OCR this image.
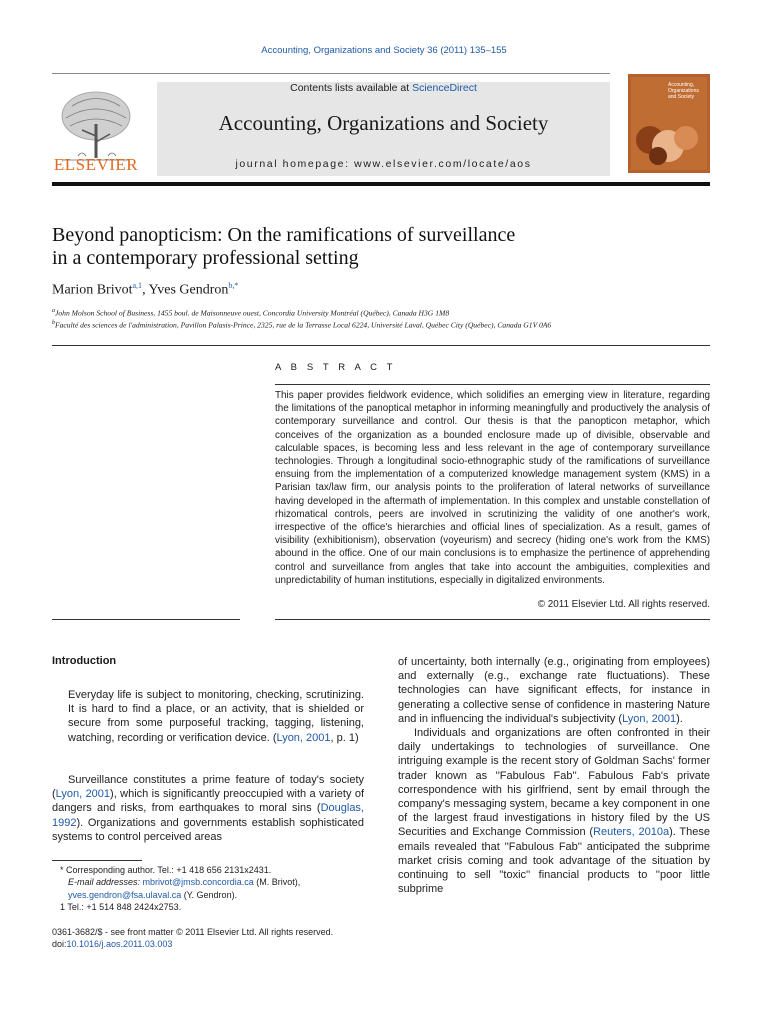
Accounting, Organizations and Society 36 (2011) 135–155
ELSEVIER
Contents lists available at ScienceDirect
Accounting, Organizations and Society
journal homepage: www.elsevier.com/locate/aos
Accounting, Organizations and Society
Beyond panopticism: On the ramifications of surveillance
in a contemporary professional setting
Marion Brivot$^{a,1}$, Yves Gendron$^{b,*}$
$^a$John Molson School of Business, 1455 boul. de Maisonneuve ouest, Concordia University Montréal (Québec), Canada H3G 1M8
$^b$Faculté des sciences de l'administration, Pavillon Palasis-Prince, 2325, rue de la Terrasse Local 6224, Université Laval, Québec City (Québec), Canada G1V 0A6
A B S T R A C T
This paper provides fieldwork evidence, which solidifies an emerging view in literature, regarding the limitations of the panoptical metaphor in informing meaningfully and productively the analysis of contemporary surveillance and control. Our thesis is that the panopticon metaphor, which conceives of the organization as a bounded enclosure made up of divisible, observable and calculable spaces, is becoming less and less relevant in the age of contemporary surveillance technologies. Through a longitudinal socio-ethnographic study of the ramifications of surveillance ensuing from the implementation of a computerized knowledge management system (KMS) in a Parisian tax/law firm, our analysis points to the proliferation of lateral networks of surveillance having developed in the aftermath of implementation. In this complex and unstable constellation of rhizomatical controls, peers are involved in scrutinizing the validity of one another's work, irrespective of the office's hierarchies and official lines of specialization. As a result, games of visibility (exhibitionism), observation (voyeurism) and secrecy (hiding one's work from the KMS) abound in the office. One of our main conclusions is to emphasize the pertinence of apprehending control and surveillance from angles that take into account the ambiguities, complexities and unpredictability of human institutions, especially in digitalized environments.
© 2011 Elsevier Ltd. All rights reserved.
Introduction
Everyday life is subject to monitoring, checking, scrutinizing. It is hard to find a place, or an activity, that is shielded or secure from some purposeful tracking, tagging, listening, watching, recording or verification device. (Lyon, 2001, p. 1)
Surveillance constitutes a prime feature of today's society (Lyon, 2001), which is significantly preoccupied with a variety of dangers and risks, from earthquakes to moral sins (Douglas, 1992). Organizations and governments establish sophisticated systems to control perceived areas

of uncertainty, both internally (e.g., originating from employees) and externally (e.g., exchange rate fluctuations). These technologies can have significant effects, for instance in generating a collective sense of confidence in mastering Nature and in influencing the individual's subjectivity (Lyon, 2001).

Individuals and organizations are often confronted in their daily undertakings to technologies of surveillance. One intriguing example is the recent story of Goldman Sachs' former trader known as ''Fabulous Fab''. Fabulous Fab's private correspondence with his girlfriend, sent by email through the company's messaging system, became a key component in one of the largest fraud investigations in history filed by the US Securities and Exchange Commission (Reuters, 2010a). These emails revealed that ''Fabulous Fab'' anticipated the subprime market crisis coming and took advantage of the situation by continuing to sell ''toxic'' financial products to ''poor little subprime

* Corresponding author. Tel.: +1 418 656 2131x2431.
E-mail addresses: mbrivot@jmsb.concordia.ca (M. Brivot), yves.gendron@fsa.ulaval.ca (Y. Gendron).
1 Tel.: +1 514 848 2424x2753.
0361-3682/$ - see front matter © 2011 Elsevier Ltd. All rights reserved.
doi:10.1016/j.aos.2011.03.003
